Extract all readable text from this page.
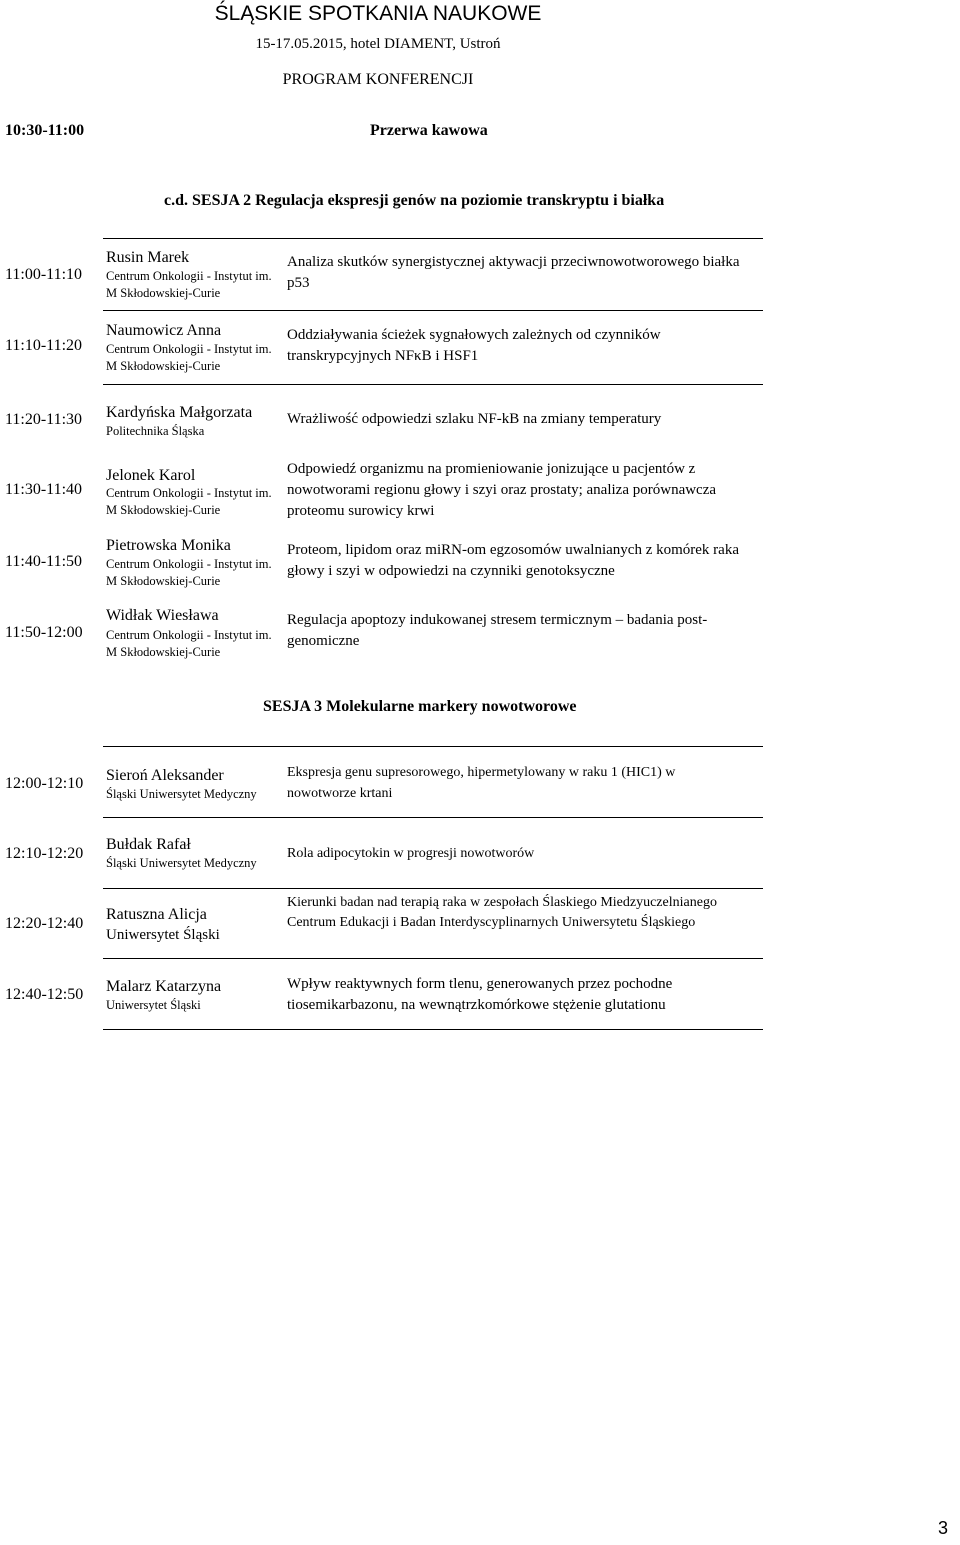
ŚLĄSKIE SPOTKANIA NAUKOWE
15-17.05.2015, hotel DIAMENT, Ustroń
PROGRAM KONFERENCJI
10:30-11:00	Przerwa kawowa
c.d. SESJA 2 Regulacja ekspresji genów na poziomie transkryptu i białka
11:00-11:10
Rusin Marek
Centrum Onkologii - Instytut im. M Skłodowskiej-Curie
Analiza skutków synergistycznej aktywacji przeciwnowotworowego białka p53
11:10-11:20
Naumowicz Anna
Centrum Onkologii - Instytut im. M Skłodowskiej-Curie
Oddziaływania ścieżek sygnałowych zależnych od czynników transkrypcyjnych NFκB i HSF1
11:20-11:30 Kardyńska Małgorzata
Politechnika Śląska
Wrażliwość odpowiedzi szlaku NF-kB na zmiany temperatury
11:30-11:40
Jelonek Karol
Centrum Onkologii - Instytut im. M Skłodowskiej-Curie
Odpowiedź organizmu na promieniowanie jonizujące u pacjentów z nowotworami regionu głowy i szyi oraz prostaty; analiza porównawcza proteomu surowicy krwi
11:40-11:50
Pietrowska Monika
Centrum Onkologii - Instytut im. M Skłodowskiej-Curie
Proteom, lipidom oraz miRN-om egzosomów uwalnianych z komórek raka głowy i szyi w odpowiedzi na czynniki genotoksyczne
11:50-12:00
Widłak Wiesława
Centrum Onkologii - Instytut im. M Skłodowskiej-Curie
Regulacja apoptozy indukowanej stresem termicznym – badania post-genomiczne
SESJA 3 Molekularne markery nowotworowe
12:00-12:10 Sieroń Aleksander
Śląski Uniwersytet Medyczny
Ekspresja genu supresorowego, hipermetylowany w raku 1 (HIC1) w nowotworze krtani
12:10-12:20
Bułdak Rafał
Śląski Uniwersytet Medyczny
Rola adipocytokin w progresji nowotworów
12:20-12:40
Ratuszna Alicja
Uniwersytet Śląski
Kierunki badan nad terapią raka w zespołach Ślaskiego Miedzyuczelnianego Centrum Edukacji i Badan Interdyscyplinarnych Uniwersytetu Śląskiego
12:40-12:50 Malarz Katarzyna
Uniwersytet Śląski
Wpływ reaktywnych form tlenu, generowanych przez pochodne tiosemikarbazonu, na wewnątrzkomórkowe stężenie glutationu
3
